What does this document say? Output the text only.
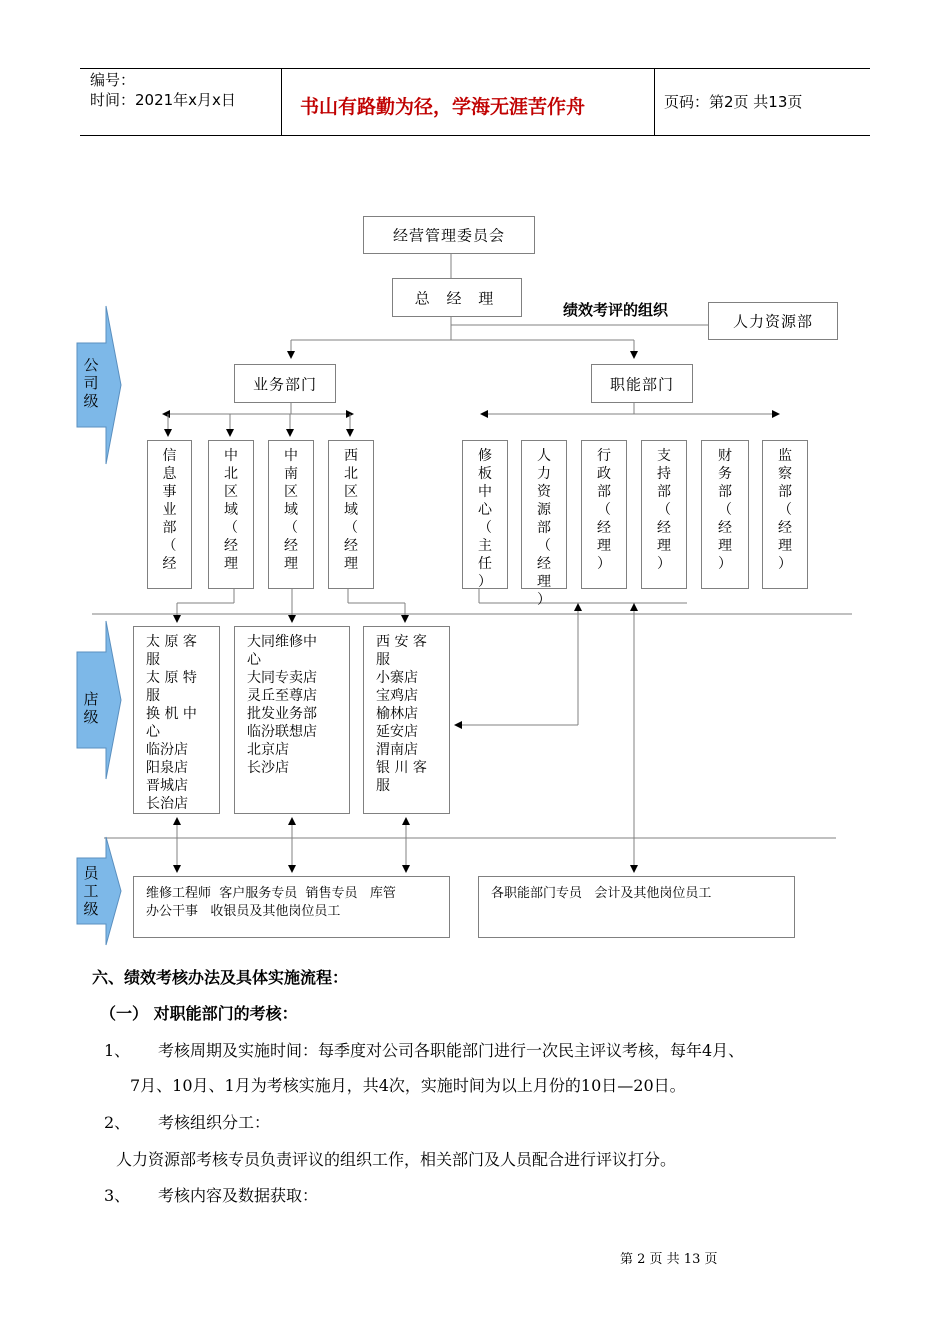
编号：
时间：2021年x月x日	书山有路勤为径，学海无涯苦作舟	页码：第2页 共13页
公
司
级
店
级
员
工
级
经营管理委员会
总 经 理
绩效考评的组织
人力资源部
业务部门	职能部门
信
息
事
业
部
（
经
中
北
区
域
（
经
理
中
南
区
域
（
经
理
西
北
区
域
（
经
理
修
板
中
心
（
主
任
）
人
力
资
源
部
（
经
理
）
行
政
部
（
经
理
）
支
持
部
（
经
理
）
财
务
部
（
经
理
）
监
察
部
（
经
理
）
太 原 客
服
太 原 特
服
换 机 中
心
临汾店
阳泉店
晋城店
长治店
大同维修中
心
大同专卖店
灵丘至尊店
批发业务部
临汾联想店
北京店
长沙店
西 安 客
服
小寨店
宝鸡店
榆林店
延安店
渭南店
银 川 客
服
维修工程师  客户服务专员  销售专员   库管
办公干事   收银员及其他岗位员工
各职能部门专员   会计及其他岗位员工
六、绩效考核办法及具体实施流程：
（一） 对职能部门的考核：
1、 考核周期及实施时间：每季度对公司各职能部门进行一次民主评议考核，每年4月、
7月、10月、1月为考核实施月，共4次，实施时间为以上月份的10日—20日。
2、 考核组织分工：
人力资源部考核专员负责评议的组织工作，相关部门及人员配合进行评议打分。
3、 考核内容及数据获取：
第 2 页 共 13 页
